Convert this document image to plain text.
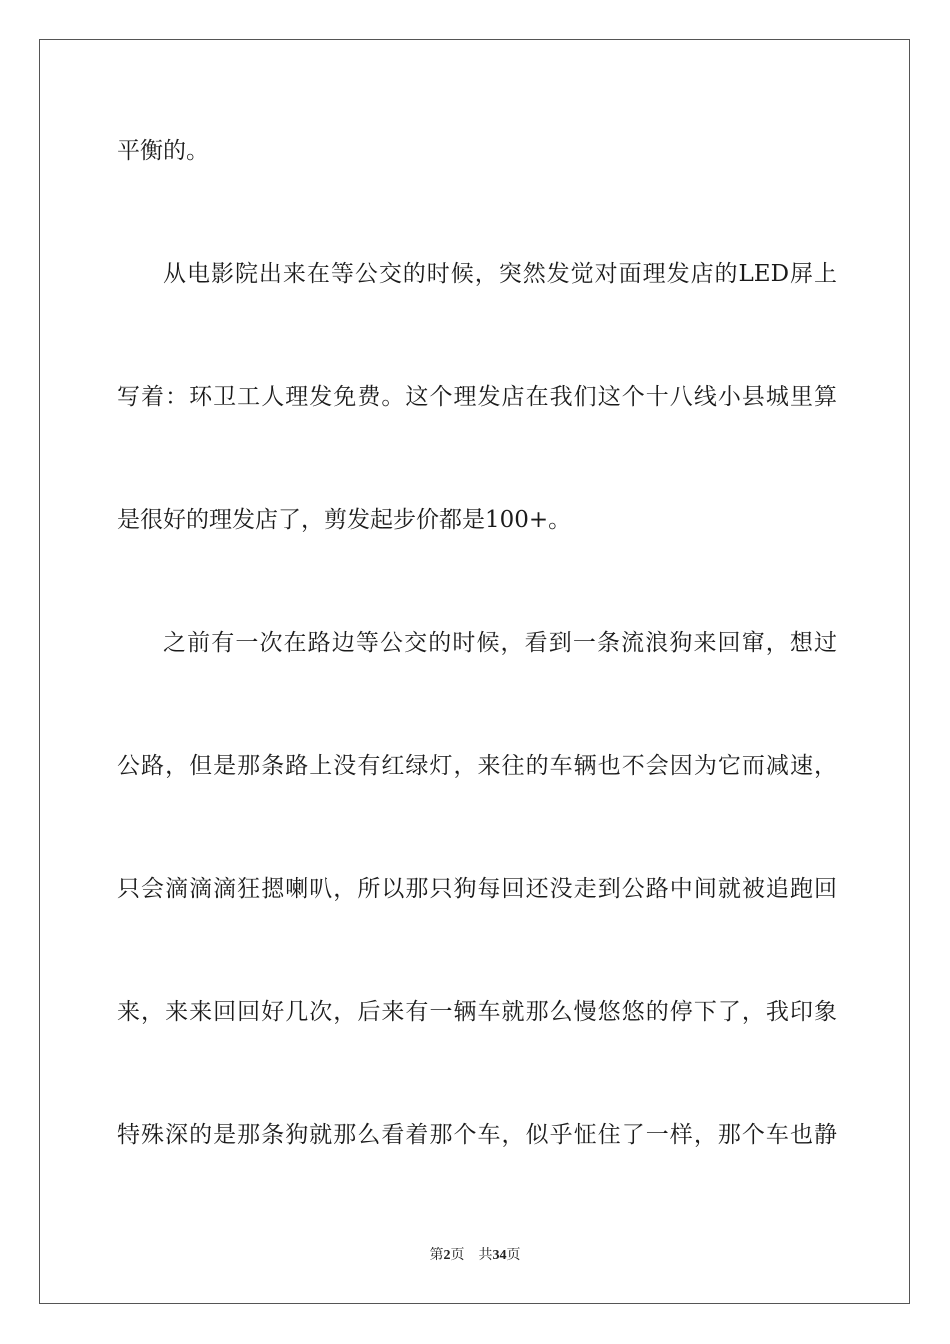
平衡的。
从电影院出来在等公交的时候，突然发觉对面理发店的LED屏上
写着：环卫工人理发免费。这个理发店在我们这个十八线小县城里算
是很好的理发店了，剪发起步价都是100+。
之前有一次在路边等公交的时候，看到一条流浪狗来回窜，想过
公路，但是那条路上没有红绿灯，来往的车辆也不会因为它而减速，
只会滴滴滴狂摁喇叭，所以那只狗每回还没走到公路中间就被追跑回
来，来来回回好几次，后来有一辆车就那么慢悠悠的停下了，我印象
特殊深的是那条狗就那么看着那个车，似乎怔住了一样，那个车也静
第2页 共34页
